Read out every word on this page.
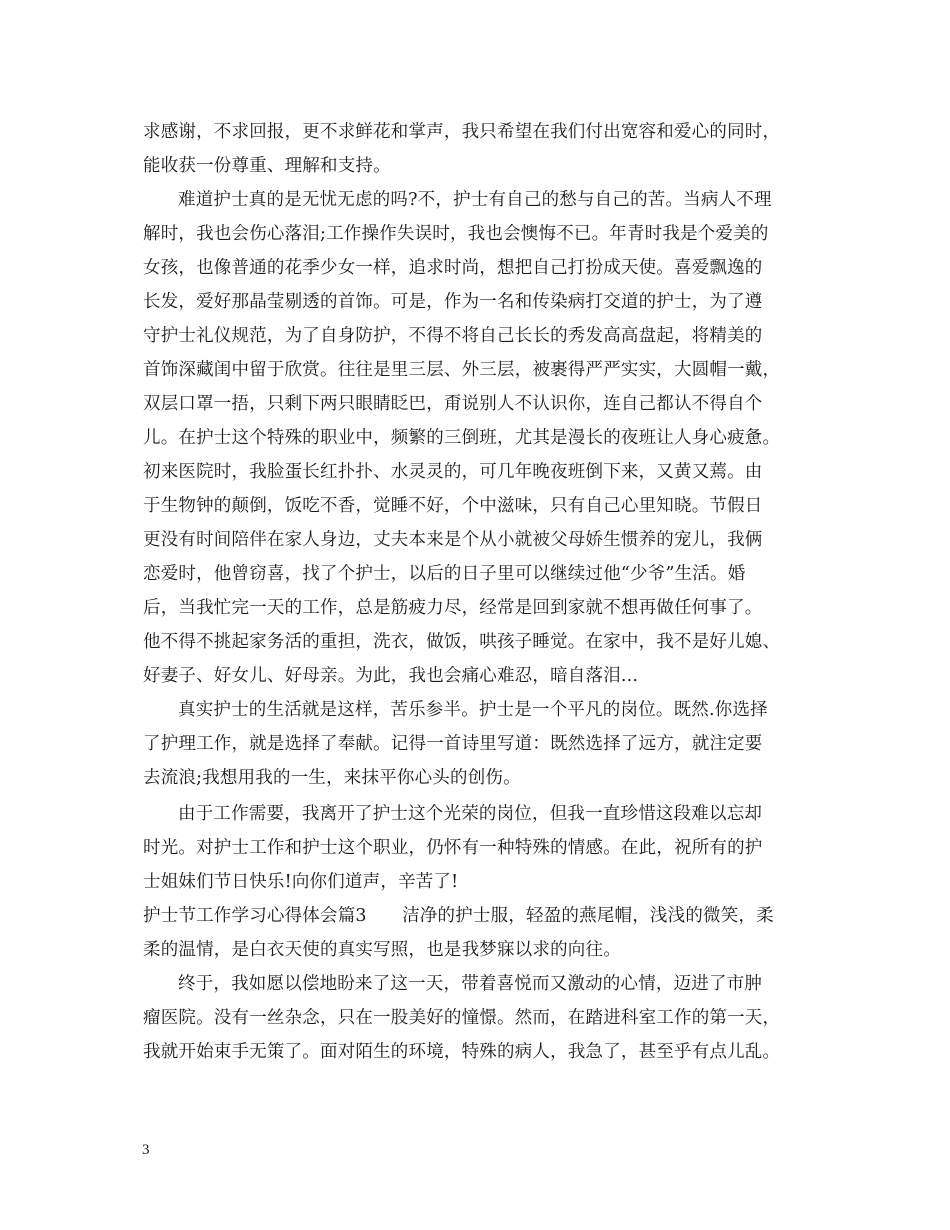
求感谢，不求回报，更不求鲜花和掌声，我只希望在我们付出宽容和爱心的同时，
能收获一份尊重、理解和支持。
难道护士真的是无忧无虑的吗?不，护士有自己的愁与自己的苦。当病人不理
解时，我也会伤心落泪;工作操作失误时，我也会懊悔不已。年青时我是个爱美的
女孩，也像普通的花季少女一样，追求时尚，想把自己打扮成天使。喜爱飘逸的
长发，爱好那晶莹剔透的首饰。可是，作为一名和传染病打交道的护士，为了遵
守护士礼仪规范，为了自身防护，不得不将自己长长的秀发高高盘起，将精美的
首饰深藏闺中留于欣赏。往往是里三层、外三层，被裹得严严实实，大圆帽一戴，
双层口罩一捂，只剩下两只眼睛眨巴，甭说别人不认识你，连自己都认不得自个
儿。在护士这个特殊的职业中，频繁的三倒班，尤其是漫长的夜班让人身心疲惫。
初来医院时，我脸蛋长红扑扑、水灵灵的，可几年晚夜班倒下来，又黄又蔫。由
于生物钟的颠倒，饭吃不香，觉睡不好，个中滋味，只有自己心里知晓。节假日
更没有时间陪伴在家人身边，丈夫本来是个从小就被父母娇生惯养的宠儿，我俩
恋爱时，他曾窃喜，找了个护士，以后的日子里可以继续过他“少爷”生活。婚
后，当我忙完一天的工作，总是筋疲力尽，经常是回到家就不想再做任何事了。
他不得不挑起家务活的重担，洗衣，做饭，哄孩子睡觉。在家中，我不是好儿媳、
好妻子、好女儿、好母亲。为此，我也会痛心难忍，暗自落泪...
真实护士的生活就是这样，苦乐参半。护士是一个平凡的岗位。既然.你选择
了护理工作，就是选择了奉献。记得一首诗里写道：既然选择了远方，就注定要
去流浪;我想用我的一生，来抹平你心头的创伤。
由于工作需要，我离开了护士这个光荣的岗位，但我一直珍惜这段难以忘却
时光。对护士工作和护士这个职业，仍怀有一种特殊的情感。在此，祝所有的护
士姐妹们节日快乐!向你们道声，辛苦了!
护士节工作学习心得体会篇3　　洁净的护士服，轻盈的燕尾帽，浅浅的微笑，柔
柔的温情，是白衣天使的真实写照，也是我梦寐以求的向往。
终于，我如愿以偿地盼来了这一天，带着喜悦而又激动的心情，迈进了市肿
瘤医院。没有一丝杂念，只在一股美好的憧憬。然而，在踏进科室工作的第一天，
我就开始束手无策了。面对陌生的环境，特殊的病人，我急了，甚至乎有点儿乱。
3
